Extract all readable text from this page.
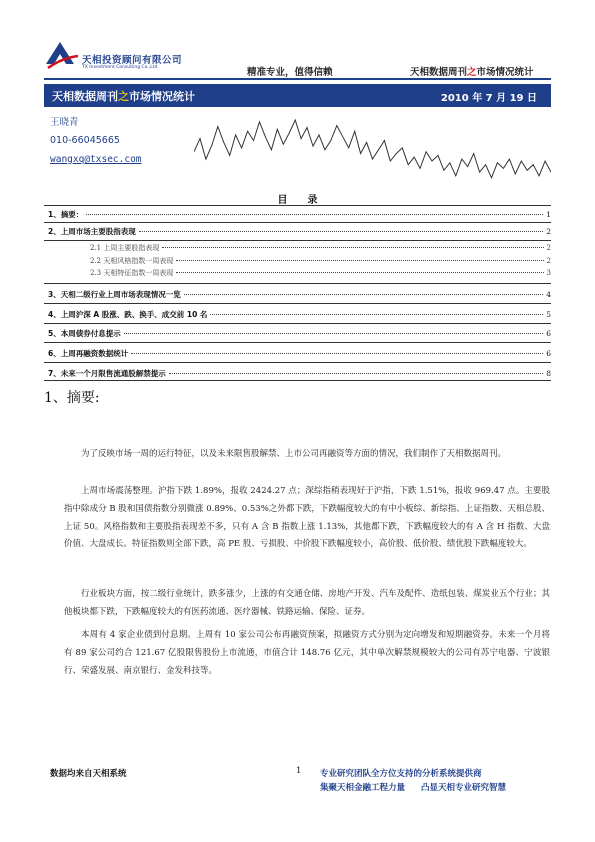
天相投资顾问有限公司
TX Investment Consulting Co.,Ltd	精准专业，值得信赖	天相数据周刊之市场情况统计
天相数据周刊之市场情况统计	2010 年 7 月 19 日
王晓青
010-66045665
wangxq@txsec.com
目录
1、摘要：	1
2、上周市场主要股指表现	2
2.1 上周主要股指表现	2
2.2 天相风格指数一周表现	2
2.3 天相特征指数一周表现	3
3、天相二级行业上周市场表现情况一览	4
4、上周沪深 A 股涨、跌、换手、成交前 10 名	5
5、本周债券付息提示	6
6、上周再融资数据统计	6
7、未来一个月限售流通股解禁提示	8
1、摘要:

为了反映市场一周的运行特征，以及未来限售股解禁、上市公司再融资等方面的情况，我们制作了天相数据周刊。

上周市场震荡整理。沪指下跌 1.89%，报收 2424.27 点；深综指稍表现好于沪指，下跌 1.51%，报收 969.47 点。主要股指中除成分 B 股和国债指数分别微涨 0.89%、0.53%之外都下跌，下跌幅度较大的有中小板综、新综指、上证指数、天相总股、上证 50。风格指数和主要股指表现差不多，只有 A 含 B 指数上涨 1.13%，其他都下跌，下跌幅度较大的有 A 含 H 指数、大盘价值、大盘成长。特征指数则全部下跌，高 PE 股、亏损股、中价股下跌幅度较小，高价股、低价股、绩优股下跌幅度较大。

行业板块方面，按二级行业统计，跌多涨少，上涨的有交通仓储、房地产开发、汽车及配件、造纸包装、煤炭业五个行业；其他板块都下跌，下跌幅度较大的有医药流通、医疗器械、铁路运输、保险、证券。

本周有 4 家企业债到付息期。上周有 10 家公司公布再融资预案，拟融资方式分别为定向增发和短期融资券。未来一个月将有 89 家公司约合 121.67 亿股限售股份上市流通，市值合计 148.76 亿元，其中单次解禁规模较大的公司有苏宁电器、宁波银行、荣盛发展、南京银行、金发科技等。

数据均来自天相系统	1 专业研究团队全方位支持的分析系统提供商
集聚天相金融工程力量 凸显天相专业研究智慧
